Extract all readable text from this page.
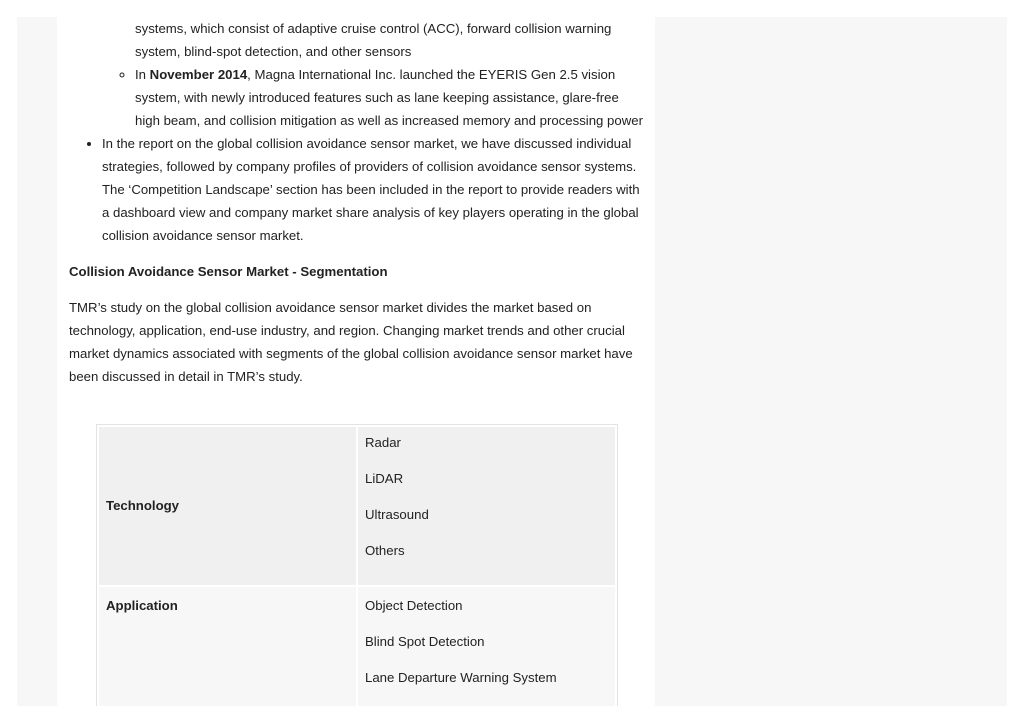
systems, which consist of adaptive cruise control (ACC), forward collision warning
system, blind-spot detection, and other sensors
◦ In November 2014, Magna International Inc. launched the EYERIS Gen 2.5 vision system, with newly introduced features such as lane keeping assistance, glare-free high beam, and collision mitigation as well as increased memory and processing power
• In the report on the global collision avoidance sensor market, we have discussed individual strategies, followed by company profiles of providers of collision avoidance sensor systems. The ‘Competition Landscape’ section has been included in the report to provide readers with a dashboard view and company market share analysis of key players operating in the global collision avoidance sensor market.

Collision Avoidance Sensor Market - Segmentation

TMR’s study on the global collision avoidance sensor market divides the market based on technology, application, end-use industry, and region. Changing market trends and other crucial market dynamics associated with segments of the global collision avoidance sensor market have been discussed in detail in TMR’s study.

Technology	Radar
LiDAR
Ultrasound
Others

Application	Object Detection
Blind Spot Detection
Lane Departure Warning System
